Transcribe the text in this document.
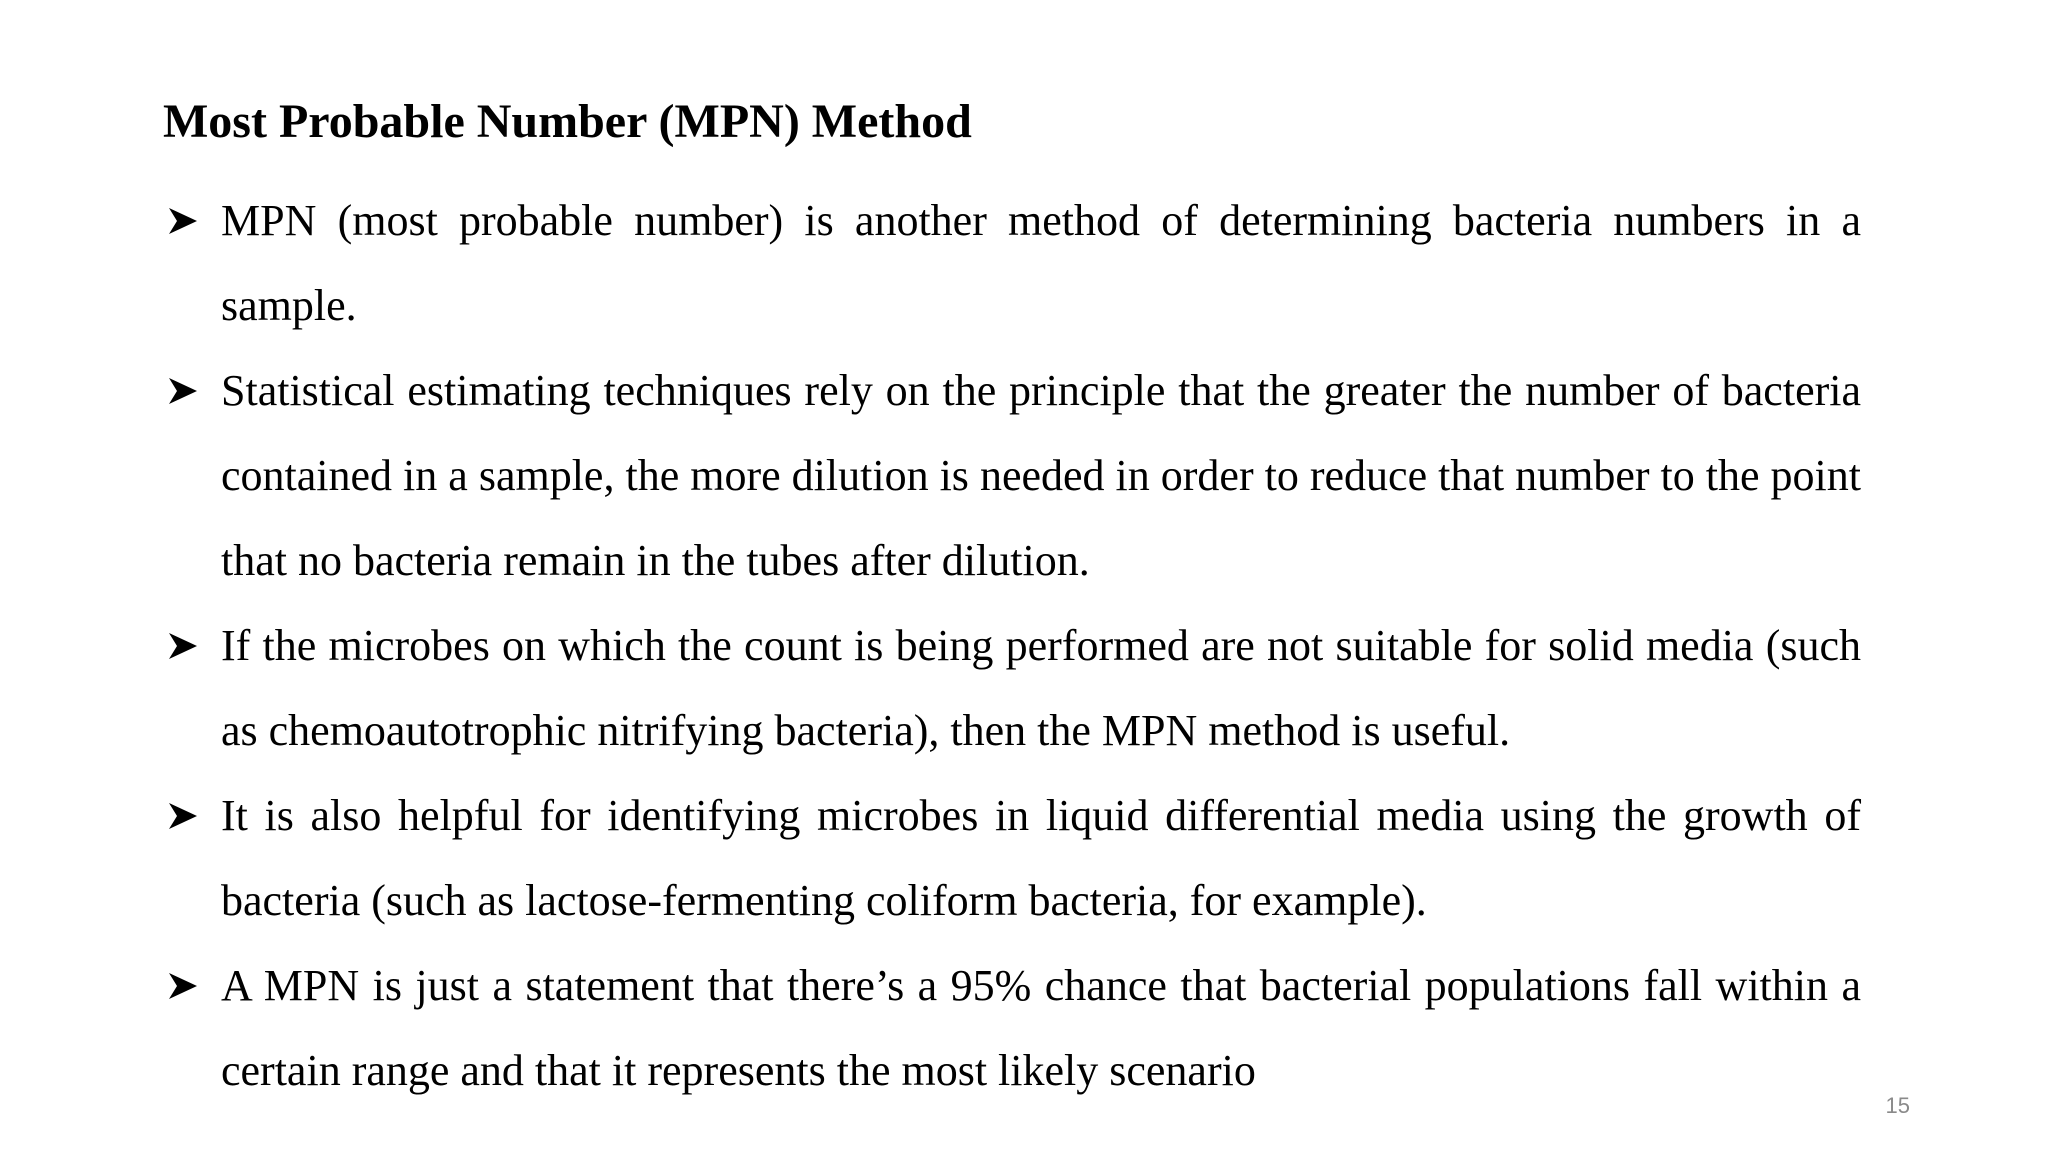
Most Probable Number (MPN) Method
MPN (most probable number) is another method of determining bacteria numbers in a sample.
Statistical estimating techniques rely on the principle that the greater the number of bacteria contained in a sample, the more dilution is needed in order to reduce that number to the point that no bacteria remain in the tubes after dilution.
If the microbes on which the count is being performed are not suitable for solid media (such as chemoautotrophic nitrifying bacteria), then the MPN method is useful.
It is also helpful for identifying microbes in liquid differential media using the growth of bacteria (such as lactose-fermenting coliform bacteria, for example).
A MPN is just a statement that there’s a 95% chance that bacterial populations fall within a certain range and that it represents the most likely scenario
15
